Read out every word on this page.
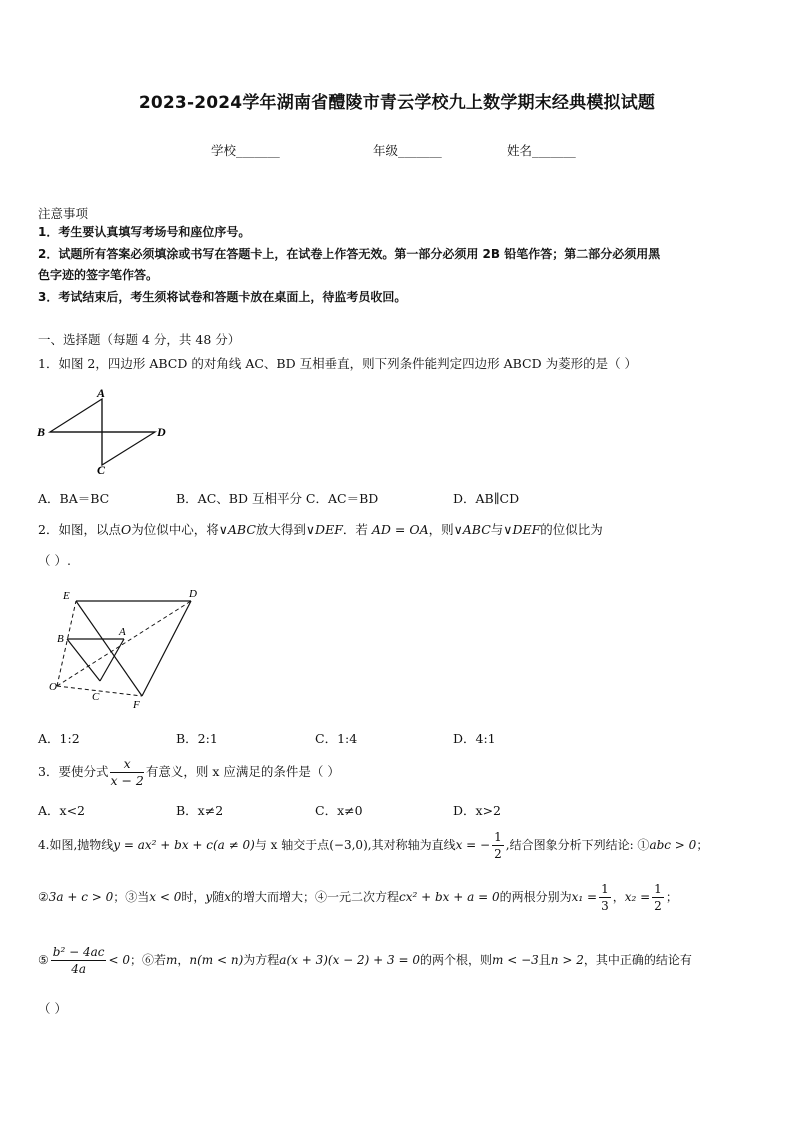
2023-2024学年湖南省醴陵市青云学校九上数学期末经典模拟试题
学校_______	年级_______	姓名_______
注意事项
1．考生要认真填写考场号和座位序号。
2．试题所有答案必须填涂或书写在答题卡上，在试卷上作答无效。第一部分必须用 2B 铅笔作答；第二部分必须用黑
色字迹的签字笔作答。
3．考试结束后，考生须将试卷和答题卡放在桌面上，待监考员收回。
一、选择题（每题 4 分，共 48 分）
1．如图 2，四边形 ABCD 的对角线 AC、BD 互相垂直，则下列条件能判定四边形 ABCD 为菱形的是（ ）
A
B	D
C
A．BA＝BC	B．AC、BD 互相平分 C．AC＝BD	D．AB∥CD
2．如图，以点O为位似中心，将∨ABC放大得到∨DEF．若 AD = OA，则∨ABC与∨DEF的位似比为
（ ）.
E	D
B
A
O
C
F
A．1:2	B．2:1	C．1:4	D．4:1
3．要使分式 $\frac{x}{x - 2}$ 有意义，则 x 应满足的条件是（ ）
A．x<2	B．x≠2	C．x≠0	D．x>2
4.如图,抛物线y = ax² + bx + c(a ≠ 0)与 x 轴交于点(−3,0),其对称轴为直线x = − $\frac{1}{2}$ ,结合图象分析下列结论: ①abc > 0；
②3a + c > 0；③当x < 0时，y随x的增大而增大；④一元二次方程cx² + bx + a = 0的两根分别为$x_1 = \frac{1}{3}$ ，$x_2 = \frac{1}{2}$ ；
⑤ $\frac{\text{b² − 4ac}}{4a} < 0$；⑥若m，n(m < n)为方程a(x + 3)(x − 2) + 3 = 0的两个根，则m < −3且n > 2，其中正确的结论有
（ ）
